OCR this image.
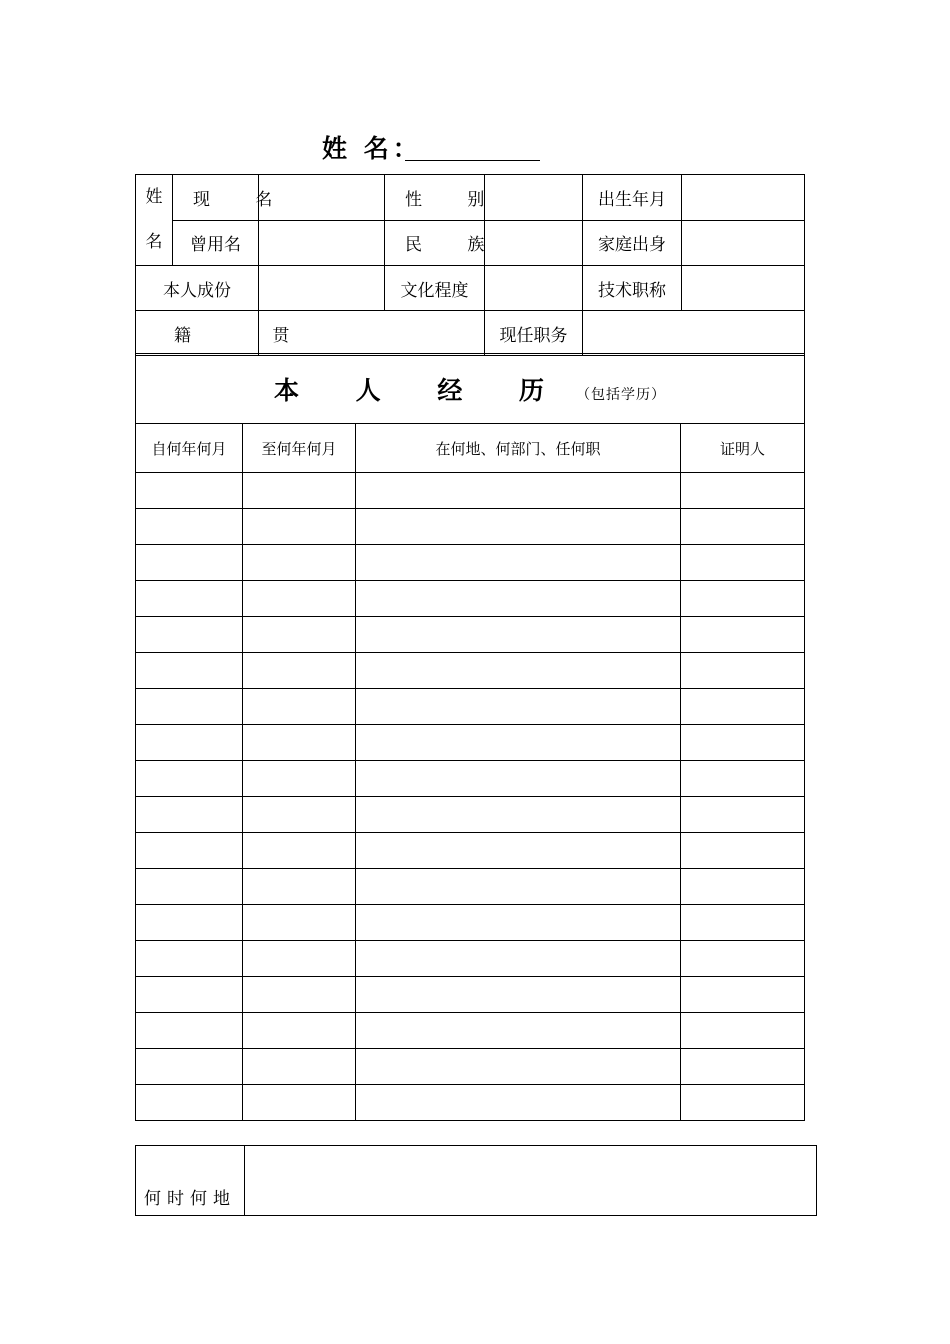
姓 名：
姓
名	现 名		性 别		出生年月	
	曾用名		民 族		家庭出身	
本人成份			文化程度		技术职称	
籍 贯				现任职务		
本 人 经 历 （包括学历）			
自何年何月	至何年何月	在何地、何部门、任何职	证明人

何时何地	
